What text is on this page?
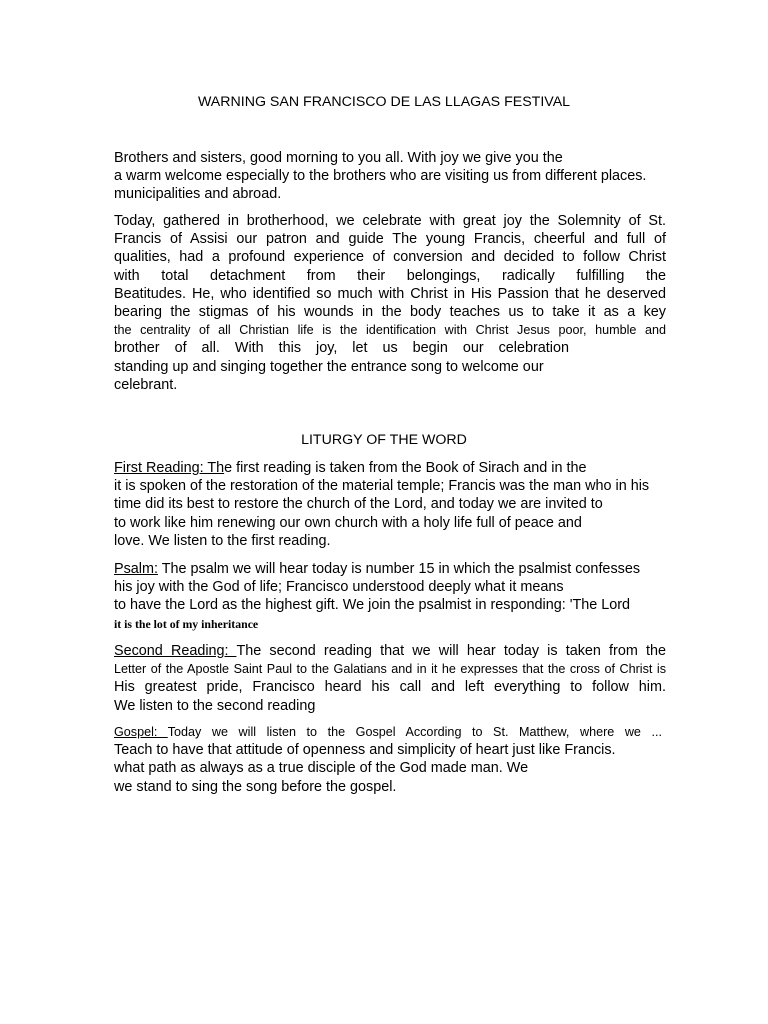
WARNING SAN FRANCISCO DE LAS LLAGAS FESTIVAL
Brothers and sisters, good morning to you all. With joy we give you the
a warm welcome especially to the brothers who are visiting us from different places.
municipalities and abroad.
Today, gathered in brotherhood, we celebrate with great joy the Solemnity of St.
Francis of Assisi our patron and guide The young Francis, cheerful and full of
qualities, had a profound experience of conversion and decided to follow Christ
with total detachment from their belongings, radically fulfilling the
Beatitudes. He, who identified so much with Christ in His Passion that he deserved
bearing the stigmas of his wounds in the body teaches us to take it as a key
the centrality of all Christian life is the identification with Christ Jesus poor, humble and
brother of all. With this joy, let us begin our celebration
standing up and singing together the entrance song to welcome our
celebrant.
LITURGY OF THE WORD
First Reading: The first reading is taken from the Book of Sirach and in the
it is spoken of the restoration of the material temple; Francis was the man who in his
time did its best to restore the church of the Lord, and today we are invited to
to work like him renewing our own church with a holy life full of peace and
love. We listen to the first reading.
Psalm: The psalm we will hear today is number 15 in which the psalmist confesses
his joy with the God of life; Francisco understood deeply what it means
to have the Lord as the highest gift. We join the psalmist in responding: 'The Lord
it is the lot of my inheritance
Second Reading: The second reading that we will hear today is taken from the
Letter of the Apostle Saint Paul to the Galatians and in it he expresses that the cross of Christ is
His greatest pride, Francisco heard his call and left everything to follow him.
We listen to the second reading
Gospel: Today we will listen to the Gospel According to St. Matthew, where we ...
Teach to have that attitude of openness and simplicity of heart just like Francis.
what path as always as a true disciple of the God made man. We
we stand to sing the song before the gospel.
